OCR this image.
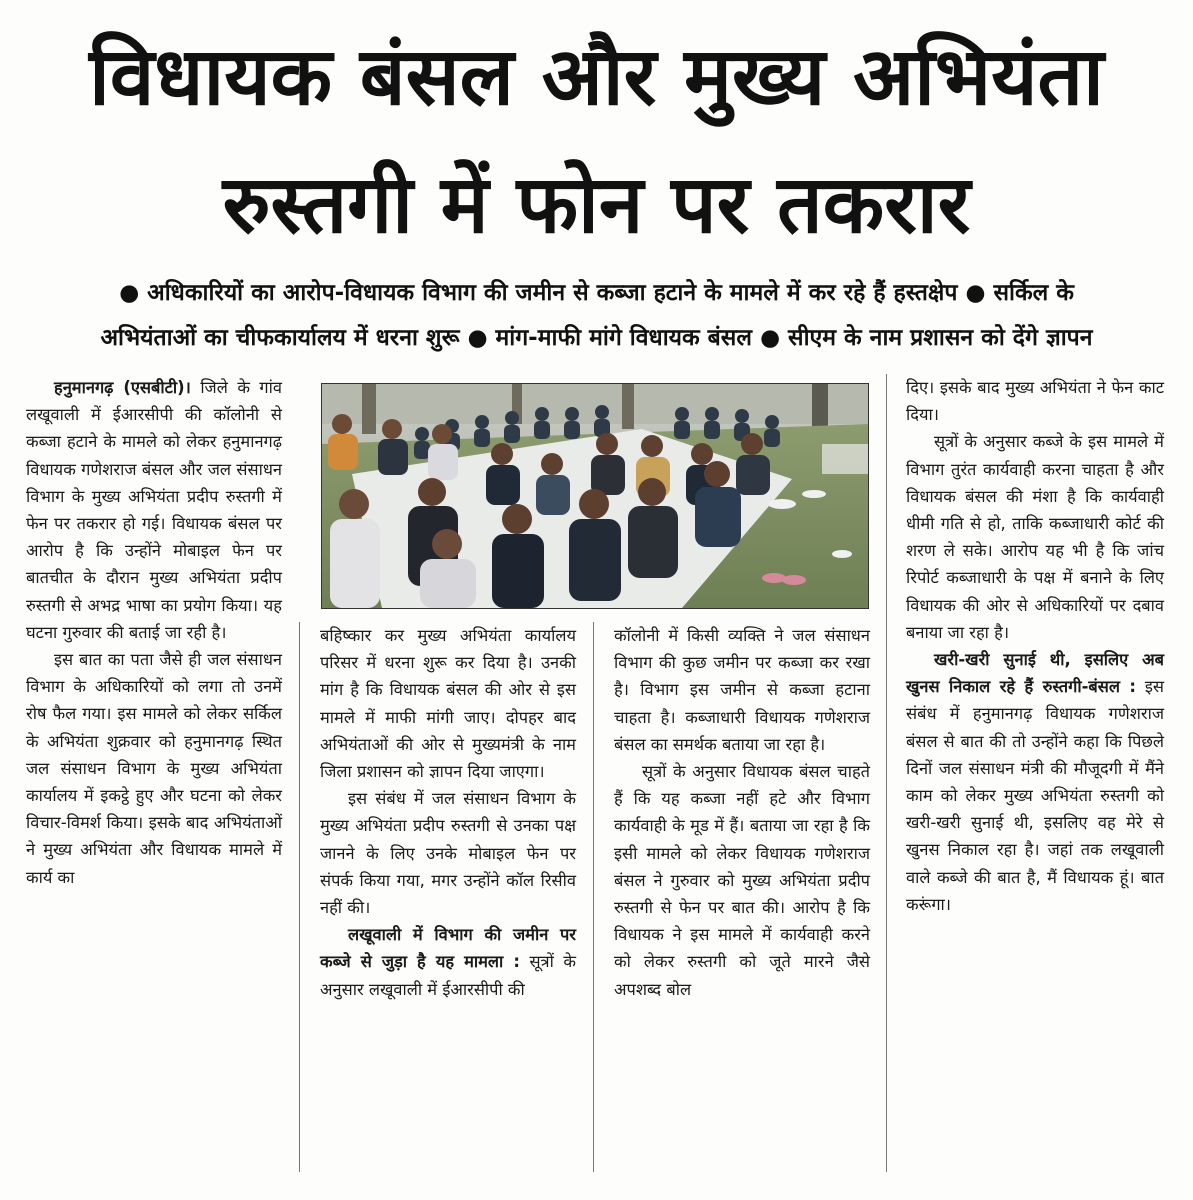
विधायक बंसल और मुख्य अभियंता
रुस्तगी में फोन पर तकरार
● अधिकारियों का आरोप-विधायक विभाग की जमीन से कब्जा हटाने के मामले में कर रहे हैं हस्तक्षेप ● सर्किल के
अभियंताओं का चीफकार्यालय में धरना शुरू ● मांग-माफी मांगे विधायक बंसल ● सीएम के नाम प्रशासन को देंगे ज्ञापन

हनुमानगढ़ (एसबीटी)। जिले के गांव लखूवाली में ईआरसीपी की कॉलोनी से कब्जा हटाने के मामले को लेकर हनुमानगढ़ विधायक गणेशराज बंसल और जल संसाधन विभाग के मुख्य अभियंता प्रदीप रुस्तगी में फेन पर तकरार हो गई। विधायक बंसल पर आरोप है कि उन्होंने मोबाइल फेन पर बातचीत के दौरान मुख्य अभियंता प्रदीप रुस्तगी से अभद्र भाषा का प्रयोग किया। यह घटना गुरुवार की बताई जा रही है।

इस बात का पता जैसे ही जल संसाधन विभाग के अधिकारियों को लगा तो उनमें रोष फैल गया। इस मामले को लेकर सर्किल के अभियंता शुक्रवार को हनुमानगढ़ स्थित जल संसाधन विभाग के मुख्य अभियंता कार्यालय में इकट्ठे हुए और घटना को लेकर विचार-विमर्श किया। इसके बाद अभियंताओं ने मुख्य अभियंता और विधायक मामले में कार्य का

बहिष्कार कर मुख्य अभियंता कार्यालय परिसर में धरना शुरू कर दिया है। उनकी मांग है कि विधायक बंसल की ओर से इस मामले में माफी मांगी जाए। दोपहर बाद अभियंताओं की ओर से मुख्यमंत्री के नाम जिला प्रशासन को ज्ञापन दिया जाएगा।

इस संबंध में जल संसाधन विभाग के मुख्य अभियंता प्रदीप रुस्तगी से उनका पक्ष जानने के लिए उनके मोबाइल फेन पर संपर्क किया गया, मगर उन्होंने कॉल रिसीव नहीं की।

लखूवाली में विभाग की जमीन पर कब्जे से जुड़ा है यह मामला : सूत्रों के अनुसार लखूवाली में ईआरसीपी की

कॉलोनी में किसी व्यक्ति ने जल संसाधन विभाग की कुछ जमीन पर कब्जा कर रखा है। विभाग इस जमीन से कब्जा हटाना चाहता है। कब्जाधारी विधायक गणेशराज बंसल का समर्थक बताया जा रहा है।

सूत्रों के अनुसार विधायक बंसल चाहते हैं कि यह कब्जा नहीं हटे और विभाग कार्यवाही के मूड में हैं। बताया जा रहा है कि इसी मामले को लेकर विधायक गणेशराज बंसल ने गुरुवार को मुख्य अभियंता प्रदीप रुस्तगी से फेन पर बात की। आरोप है कि विधायक ने इस मामले में कार्यवाही करने को लेकर रुस्तगी को जूते मारने जैसे अपशब्द बोल

दिए। इसके बाद मुख्य अभियंता ने फेन काट दिया।

सूत्रों के अनुसार कब्जे के इस मामले में विभाग तुरंत कार्यवाही करना चाहता है और विधायक बंसल की मंशा है कि कार्यवाही धीमी गति से हो, ताकि कब्जाधारी कोर्ट की शरण ले सके। आरोप यह भी है कि जांच रिपोर्ट कब्जाधारी के पक्ष में बनाने के लिए विधायक की ओर से अधिकारियों पर दबाव बनाया जा रहा है।

खरी-खरी सुनाई थी, इसलिए अब खुनस निकाल रहे हैं रुस्तगी-बंसल : इस संबंध में हनुमानगढ़ विधायक गणेशराज बंसल से बात की तो उन्होंने कहा कि पिछले दिनों जल संसाधन मंत्री की मौजूदगी में मैंने काम को लेकर मुख्य अभियंता रुस्तगी को खरी-खरी सुनाई थी, इसलिए वह मेरे से खुनस निकाल रहा है। जहां तक लखूवाली वाले कब्जे की बात है, मैं विधायक हूं। बात करूंगा।
